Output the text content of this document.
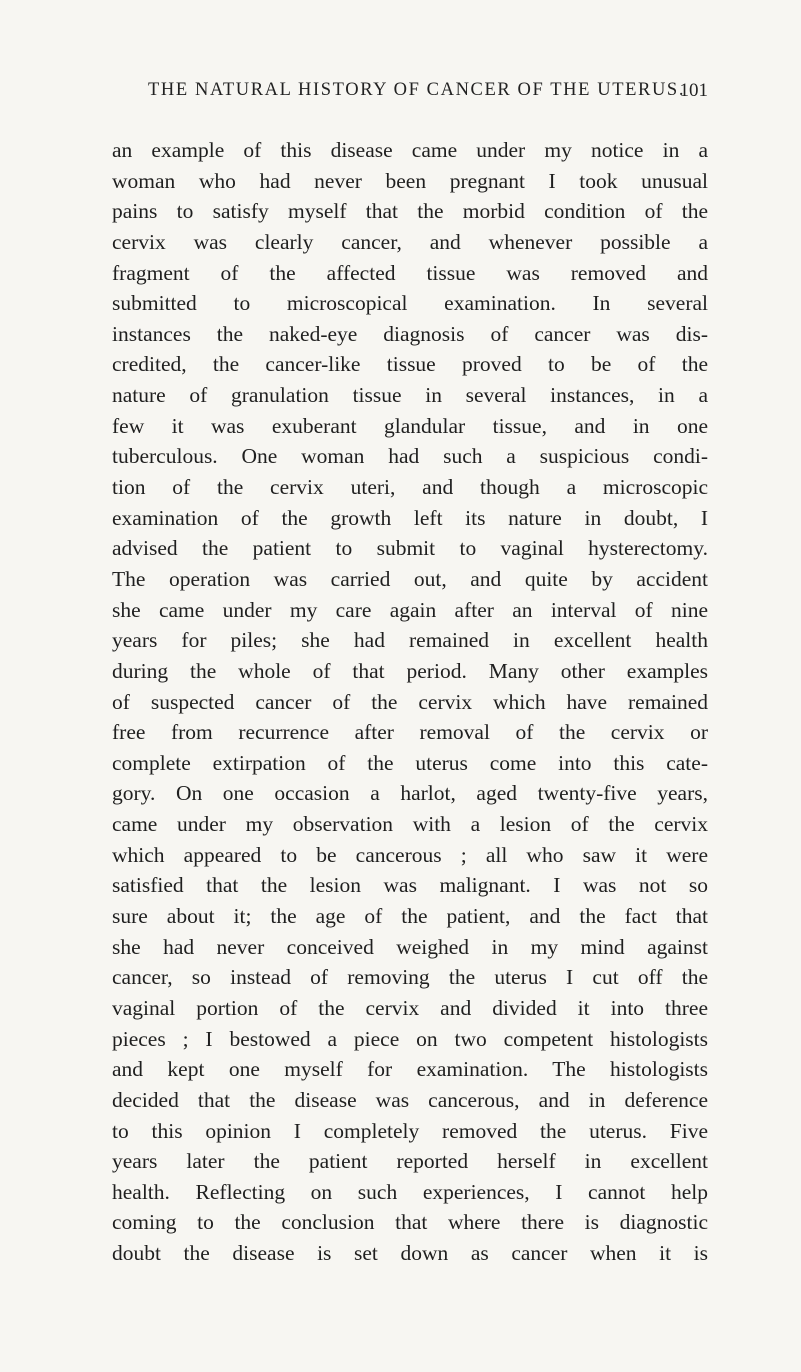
THE NATURAL HISTORY OF CANCER OF THE UTERUS.
101
an example of this disease came under my notice in a
woman who had never been pregnant I took unusual
pains to satisfy myself that the morbid condition of the
cervix was clearly cancer, and whenever possible a
fragment of the affected tissue was removed and
submitted to microscopical examination. In several
instances the naked-eye diagnosis of cancer was dis-
credited, the cancer-like tissue proved to be of the
nature of granulation tissue in several instances, in a
few it was exuberant glandular tissue, and in one
tuberculous. One woman had such a suspicious condi-
tion of the cervix uteri, and though a microscopic
examination of the growth left its nature in doubt, I
advised the patient to submit to vaginal hysterectomy.
The operation was carried out, and quite by accident
she came under my care again after an interval of nine
years for piles; she had remained in excellent health
during the whole of that period. Many other examples
of suspected cancer of the cervix which have remained
free from recurrence after removal of the cervix or
complete extirpation of the uterus come into this cate-
gory. On one occasion a harlot, aged twenty-five years,
came under my observation with a lesion of the cervix
which appeared to be cancerous ; all who saw it were
satisfied that the lesion was malignant. I was not so
sure about it; the age of the patient, and the fact that
she had never conceived weighed in my mind against
cancer, so instead of removing the uterus I cut off the
vaginal portion of the cervix and divided it into three
pieces ; I bestowed a piece on two competent histologists
and kept one myself for examination. The histologists
decided that the disease was cancerous, and in deference
to this opinion I completely removed the uterus. Five
years later the patient reported herself in excellent
health. Reflecting on such experiences, I cannot help
coming to the conclusion that where there is diagnostic
doubt the disease is set down as cancer when it is
